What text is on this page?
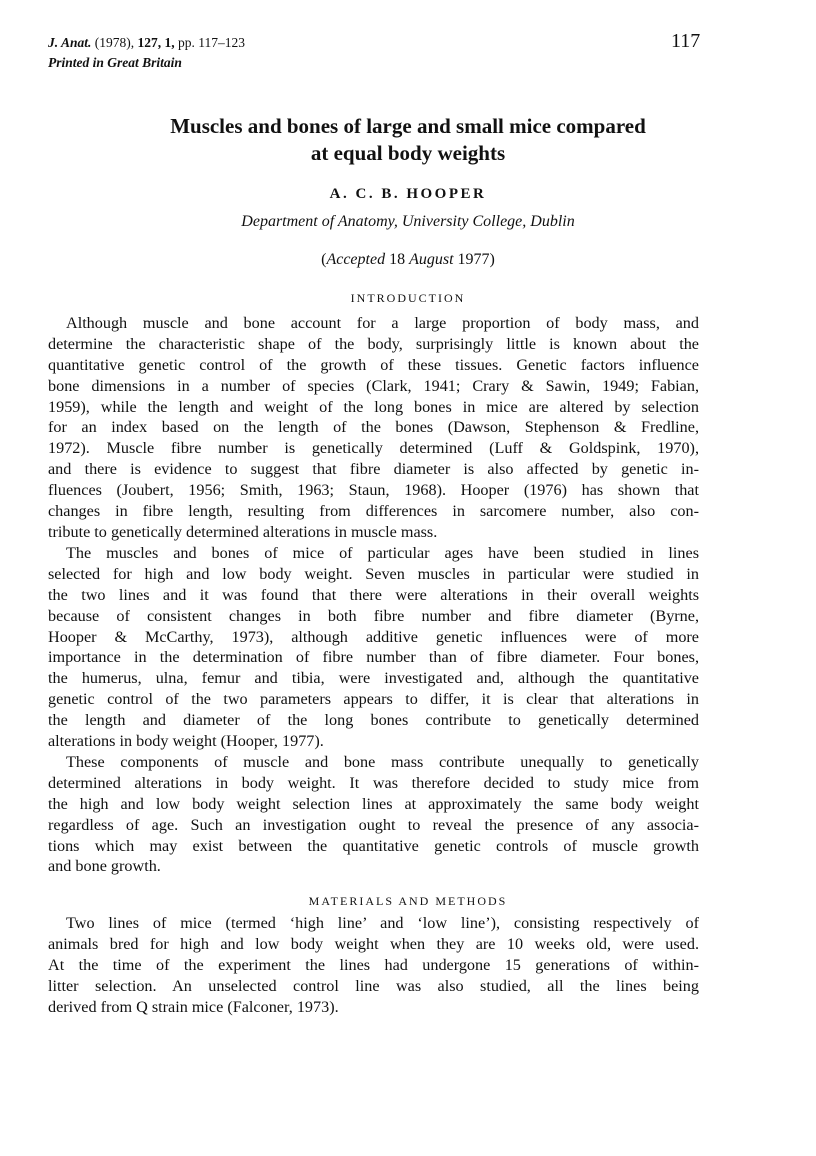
J. Anat. (1978), 127, 1, pp. 117–123
Printed in Great Britain
117
Muscles and bones of large and small mice compared
at equal body weights
A. C. B. HOOPER
Department of Anatomy, University College, Dublin
(Accepted 18 August 1977)
INTRODUCTION
Although muscle and bone account for a large proportion of body mass, and
determine the characteristic shape of the body, surprisingly little is known about the
quantitative genetic control of the growth of these tissues. Genetic factors influence
bone dimensions in a number of species (Clark, 1941; Crary & Sawin, 1949; Fabian,
1959), while the length and weight of the long bones in mice are altered by selection
for an index based on the length of the bones (Dawson, Stephenson & Fredline,
1972). Muscle fibre number is genetically determined (Luff & Goldspink, 1970),
and there is evidence to suggest that fibre diameter is also affected by genetic in-
fluences (Joubert, 1956; Smith, 1963; Staun, 1968). Hooper (1976) has shown that
changes in fibre length, resulting from differences in sarcomere number, also con-
tribute to genetically determined alterations in muscle mass.
The muscles and bones of mice of particular ages have been studied in lines
selected for high and low body weight. Seven muscles in particular were studied in
the two lines and it was found that there were alterations in their overall weights
because of consistent changes in both fibre number and fibre diameter (Byrne,
Hooper & McCarthy, 1973), although additive genetic influences were of more
importance in the determination of fibre number than of fibre diameter. Four bones,
the humerus, ulna, femur and tibia, were investigated and, although the quantitative
genetic control of the two parameters appears to differ, it is clear that alterations in
the length and diameter of the long bones contribute to genetically determined
alterations in body weight (Hooper, 1977).
These components of muscle and bone mass contribute unequally to genetically
determined alterations in body weight. It was therefore decided to study mice from
the high and low body weight selection lines at approximately the same body weight
regardless of age. Such an investigation ought to reveal the presence of any associa-
tions which may exist between the quantitative genetic controls of muscle growth
and bone growth.
MATERIALS AND METHODS
Two lines of mice (termed ‘high line’ and ‘low line’), consisting respectively of
animals bred for high and low body weight when they are 10 weeks old, were used.
At the time of the experiment the lines had undergone 15 generations of within-
litter selection. An unselected control line was also studied, all the lines being
derived from Q strain mice (Falconer, 1973).
